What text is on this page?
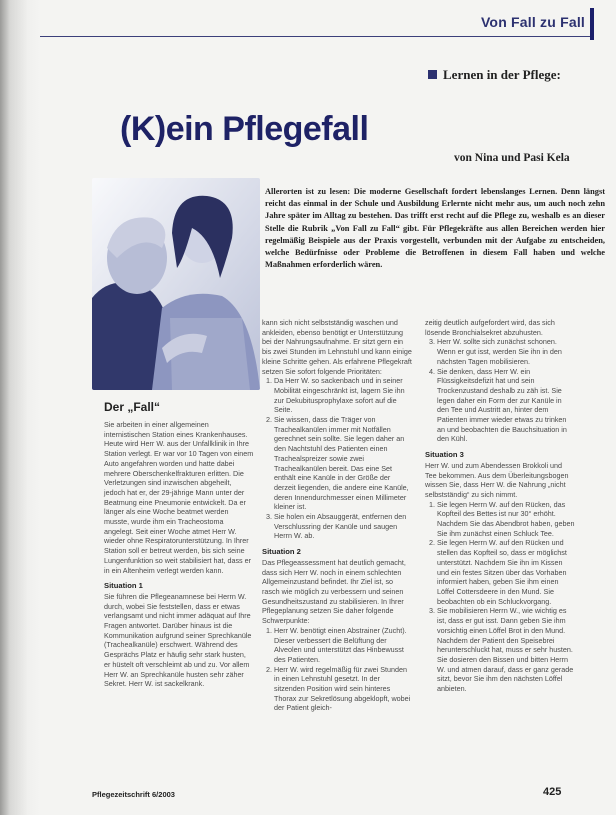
Von Fall zu Fall
Lernen in der Pflege:
(K)ein Pflegefall
von Nina und Pasi Kela
Allerorten ist zu lesen: Die moderne Gesellschaft fordert lebenslanges Lernen. Denn längst reicht das einmal in der Schule und Ausbildung Erlernte nicht mehr aus, um auch noch zehn Jahre später im Alltag zu bestehen. Das trifft erst recht auf die Pflege zu, weshalb es an dieser Stelle die Rubrik „Von Fall zu Fall“ gibt. Für Pflegekräfte aus allen Bereichen werden hier regelmäßig Beispiele aus der Praxis vorgestellt, verbunden mit der Aufgabe zu entscheiden, welche Bedürfnisse oder Probleme die Betroffenen in diesem Fall haben und welche Maßnahmen erforderlich wären.
Der „Fall“

Sie arbeiten in einer allgemeinen internistischen Station eines Krankenhauses. Heute wird Herr W. aus der Unfallklinik in Ihre Station verlegt. Er war vor 10 Tagen von einem Auto angefahren worden und hatte dabei mehrere Oberschenkelfrakturen erlitten. Die Verletzungen sind inzwischen abgeheilt, jedoch hat er, der 29-jährige Mann unter der Beatmung eine Pneumonie entwickelt. Da er länger als eine Woche beatmet werden musste, wurde ihm ein Tracheostoma angelegt. Seit einer Woche atmet Herr W. wieder ohne Respiratorunterstützung. In Ihrer Station soll er betreut werden, bis sich seine Lungenfunktion so weit stabilisiert hat, dass er in ein Altenheim verlegt werden kann.

Situation 1

Sie führen die Pflegeanamnese bei Herrn W. durch, wobei Sie feststellen, dass er etwas verlangsamt und nicht immer adäquat auf Ihre Fragen antwortet. Darüber hinaus ist die Kommunikation aufgrund seiner Sprechkanüle (Trachealkanüle) erschwert. Während des Gesprächs Platz er häufig sehr stark husten, er hüstelt oft verschleimt ab und zu. Vor allem Herr W. an Sprechkanüle husten sehr zäher Sekret. Herr W. ist sackelkrank.

kann sich nicht selbstständig waschen und ankleiden, ebenso benötigt er Unterstützung bei der Nahrungsaufnahme. Er sitzt gern ein bis zwei Stunden im Lehnstuhl und kann einige kleine Schritte gehen. Als erfahrene Pflegekraft setzen Sie sofort folgende Prioritäten:

1. Da Herr W. so sackenbach und in seiner Mobilität eingeschränkt ist, lagern Sie ihn zur Dekubitusprophylaxe sofort auf die Seite.
2. Sie wissen, dass die Träger von Trachealkanülen immer mit Notfällen gerechnet sein sollte. Sie legen daher an den Nachtstuhl des Patienten einen Trachealspreizer sowie zwei Trachealkanülen bereit. Das eine Set enthält eine Kanüle in der Größe der derzeit liegenden, die andere eine Kanüle, deren Innendurchmesser einen Millimeter kleiner ist.
3. Sie holen ein Absauggerät, entfernen den Verschlussring der Kanüle und saugen Herrn W. ab.
Situation 2

Das Pflegeassessment hat deutlich gemacht, dass sich Herr W. noch in einem schlechten Allgemeinzustand befindet. Ihr Ziel ist, so rasch wie möglich zu verbessern und seinen Gesundheitszustand zu stabilisieren. In Ihrer Pflegeplanung setzen Sie daher folgende Schwerpunkte:

1. Herr W. benötigt einen Abstrainer (Zucht). Dieser verbessert die Belüftung der Alveolen und unterstützt das Hinbewusst des Patienten.
2. Herr W. wird regelmäßig für zwei Stunden in einen Lehnstuhl gesetzt. In der sitzenden Position wird sein hinteres Thorax zur Sekretlösung abgeklopft, wobei der Patient gleich-

zeitig deutlich aufgefordert wird, das sich lösende Bronchialsekret abzuhusten.

3. Herr W. sollte sich zunächst schonen. Wenn er gut isst, werden Sie ihn in den nächsten Tagen mobilisieren.
4. Sie denken, dass Herr W. ein Flüssigkeitsdefizit hat und sein Trockenzustand deshalb zu zäh ist. Sie legen daher ein Form der zur Kanüle in den Tee und Austritt an, hinter dem Patienten immer wieder etwas zu trinken an und beobachten die Bauchsituation in den Kühl.
Situation 3

Herr W. und zum Abendessen Brokkoli und Tee bekommen. Aus dem Überleitungsbogen wissen Sie, dass Herr W. die Nahrung „nicht selbstständig“ zu sich nimmt.

1. Sie legen Herrn W. auf den Rücken, das Kopfteil des Bettes ist nur 30° erhöht. Nachdem Sie das Abendbrot haben, geben Sie ihm zunächst einen Schluck Tee.
2. Sie legen Herrn W. auf den Rücken und stellen das Kopfteil so, dass er möglichst unterstützt. Nachdem Sie ihn im Kissen und ein festes Sitzen über das Vorhaben informiert haben, geben Sie ihm einen Löffel Cottersdeere in den Mund. Sie beobachten ob ein Schluckvorgang.
3. Sie mobilisieren Herrn W., wie wichtig es ist, dass er gut isst. Dann geben Sie ihm vorsichtig einen Löffel Brot in den Mund. Nachdem der Patient den Speisebrei herunterschluckt hat, muss er sehr husten. Sie dosieren den Bissen und bitten Herrn W. und atmen darauf, dass er ganz gerade sitzt, bevor Sie ihm den nächsten Löffel anbieten.
Pflegezeitschrift 6/2003	425
